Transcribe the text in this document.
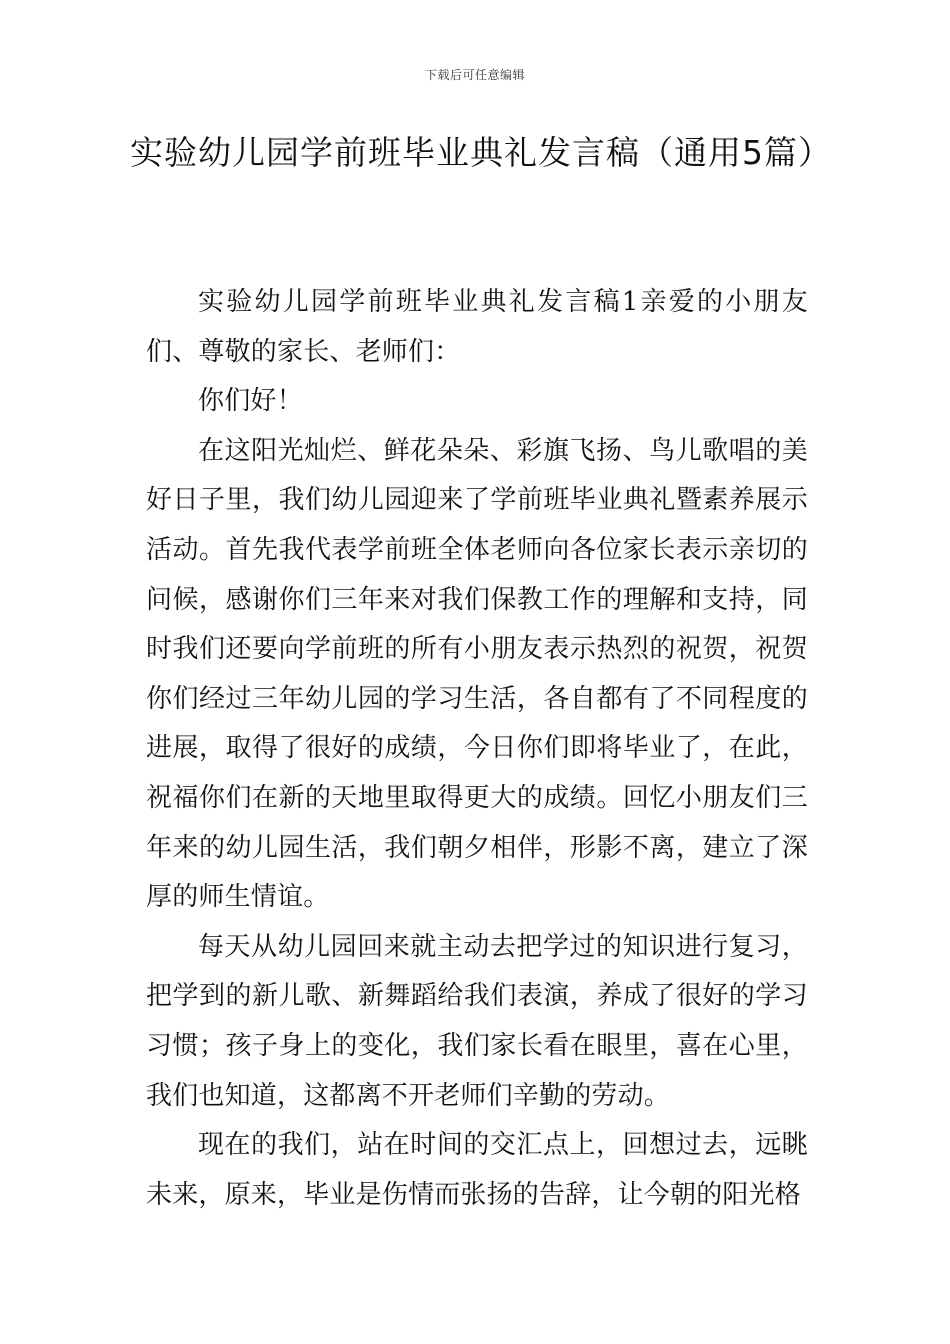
下载后可任意编辑
实验幼儿园学前班毕业典礼发言稿（通用5篇）

实验幼儿园学前班毕业典礼发言稿1亲爱的小朋友们、尊敬的家长、老师们：

你们好！

在这阳光灿烂、鲜花朵朵、彩旗飞扬、鸟儿歌唱的美好日子里，我们幼儿园迎来了学前班毕业典礼暨素养展示活动。首先我代表学前班全体老师向各位家长表示亲切的问候，感谢你们三年来对我们保教工作的理解和支持，同时我们还要向学前班的所有小朋友表示热烈的祝贺，祝贺你们经过三年幼儿园的学习生活，各自都有了不同程度的进展，取得了很好的成绩，今日你们即将毕业了，在此，祝福你们在新的天地里取得更大的成绩。回忆小朋友们三年来的幼儿园生活，我们朝夕相伴，形影不离，建立了深厚的师生情谊。

每天从幼儿园回来就主动去把学过的知识进行复习，把学到的新儿歌、新舞蹈给我们表演，养成了很好的学习习惯；孩子身上的变化，我们家长看在眼里，喜在心里，我们也知道，这都离不开老师们辛勤的劳动。

现在的我们，站在时间的交汇点上，回想过去，远眺未来，原来，毕业是伤情而张扬的告辞，让今朝的阳光格
